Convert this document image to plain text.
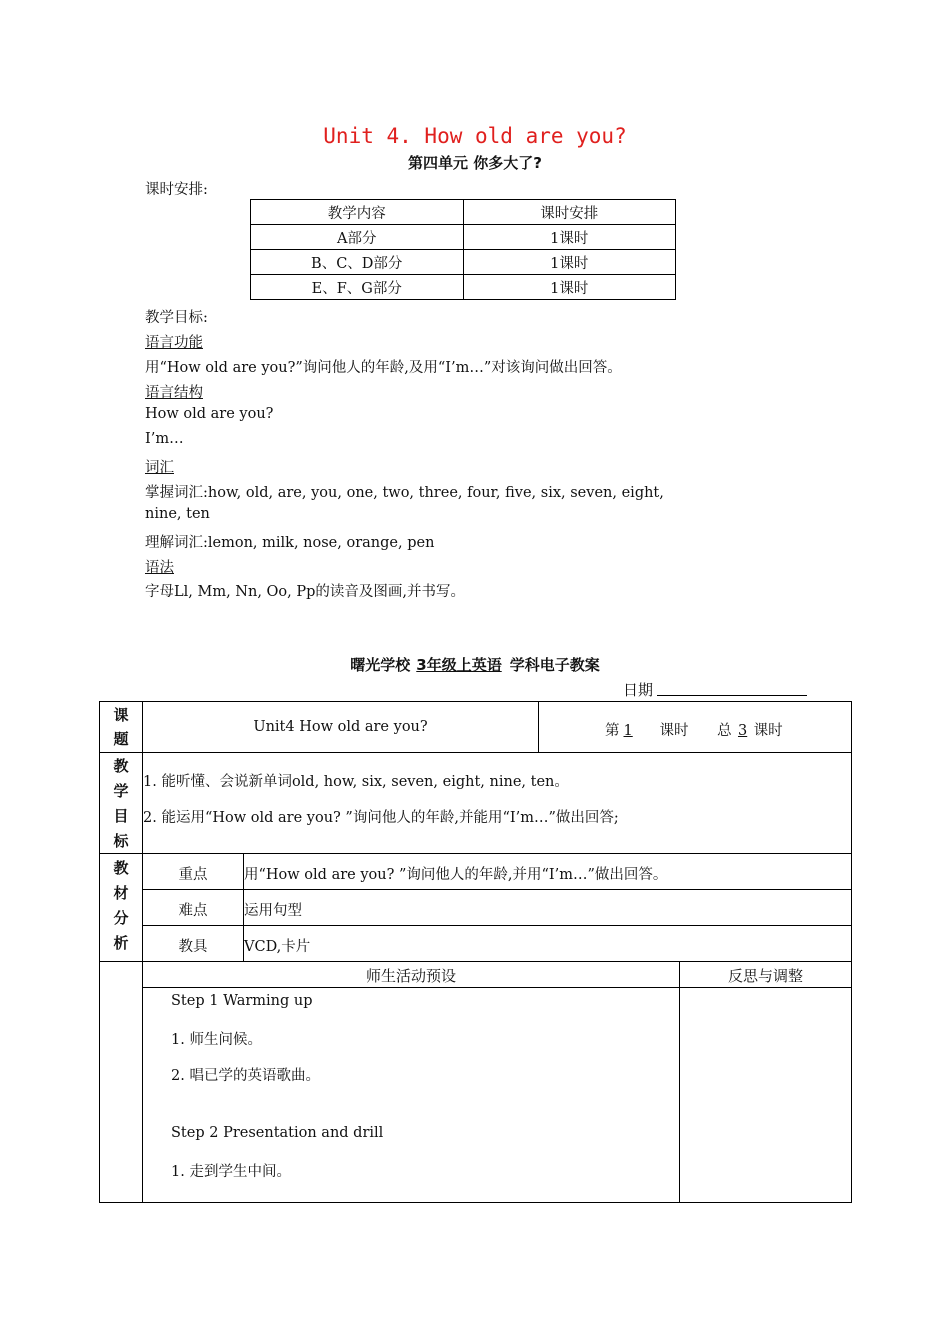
Unit 4. How old are you?
第四单元 你多大了?
课时安排:
教学内容	课时安排
A部分	1课时
B、C、D部分	1课时
E、F、G部分	1课时
教学目标:
语言功能
用“How old are you?”询问他人的年龄,及用“I’m…”对该询问做出回答。
语言结构
How old are you?
I’m…
词汇
掌握词汇:how, old, are, you, one, two, three, four, five, six, seven, eight,
nine, ten
理解词汇:lemon, milk, nose, orange, pen
语法
字母Ll, Mm, Nn, Oo, Pp的读音及图画,并书写。
曙光学校 3年级上英语 学科电子教案
日期
课题
Unit4 How old are you?	第 1 课时 总 3 课时
教学目标
1. 能听懂、会说新单词old, how, six, seven, eight, nine, ten。
2. 能运用“How old are you? ”询问他人的年龄,并能用“I’m…”做出回答;
教材分析
重点	用“How old are you? ”询问他人的年龄,并用“I’m…”做出回答。
难点	运用句型
教具	VCD,卡片
师生活动预设	反思与调整
Step 1 Warming up
1. 师生问候。
2. 唱已学的英语歌曲。
Step 2 Presentation and drill
1. 走到学生中间。
